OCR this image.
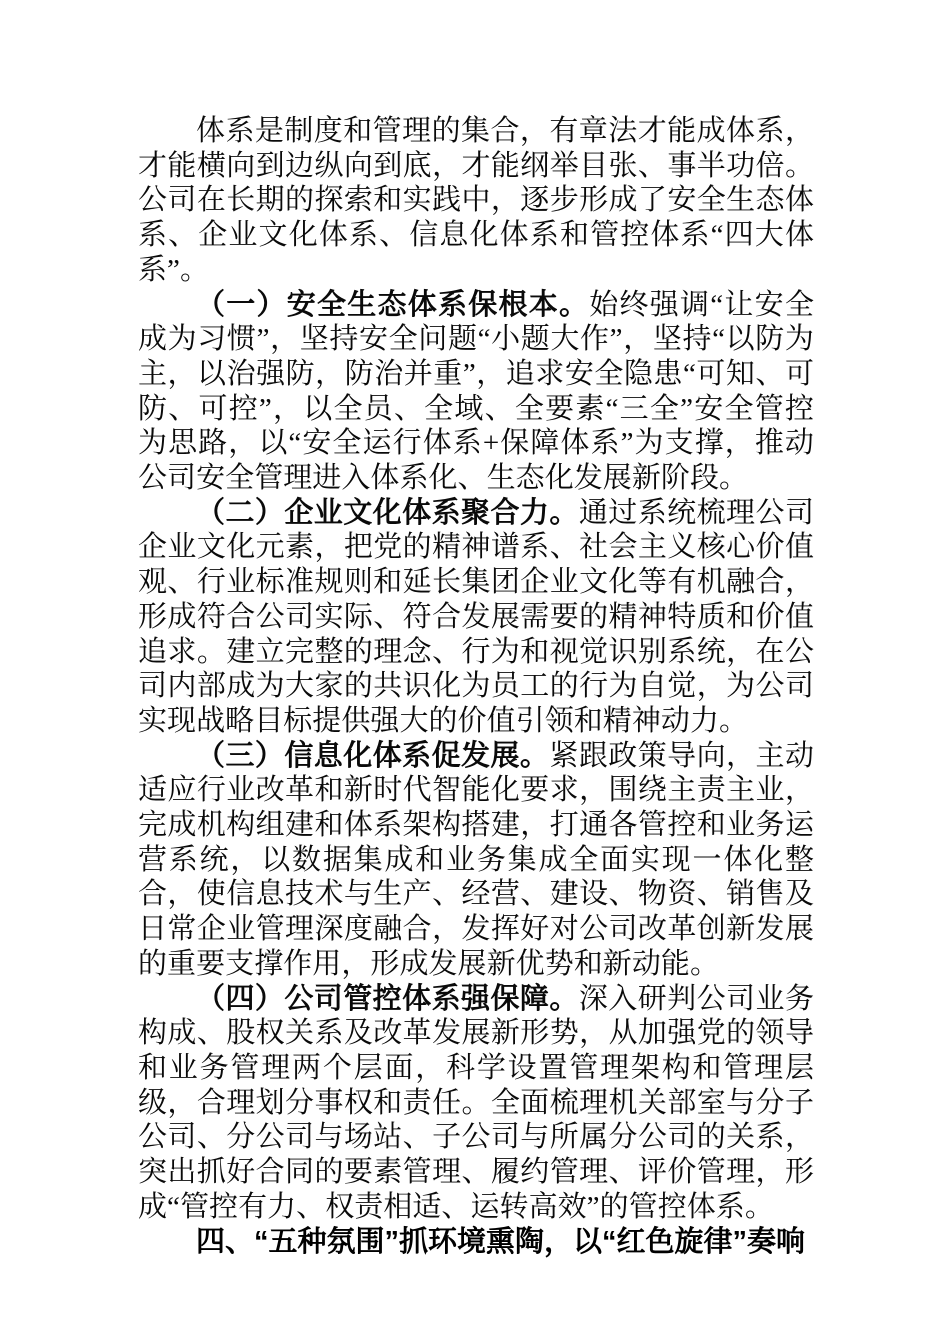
体系是制度和管理的集合，有章法才能成体系，才能横向到边纵向到底，才能纲举目张、事半功倍。公司在长期的探索和实践中，逐步形成了安全生态体系、企业文化体系、信息化体系和管控体系“四大体系”。

（一）安全生态体系保根本。始终强调“让安全成为习惯”，坚持安全问题“小题大作”，坚持“以防为主，以治强防，防治并重”，追求安全隐患“可知、可防、可控”，以全员、全域、全要素“三全”安全管控为思路，以“安全运行体系+保障体系”为支撑，推动公司安全管理进入体系化、生态化发展新阶段。

（二）企业文化体系聚合力。通过系统梳理公司企业文化元素，把党的精神谱系、社会主义核心价值观、行业标准规则和延长集团企业文化等有机融合，形成符合公司实际、符合发展需要的精神特质和价值追求。建立完整的理念、行为和视觉识别系统，在公司内部成为大家的共识化为员工的行为自觉，为公司实现战略目标提供强大的价值引领和精神动力。

（三）信息化体系促发展。紧跟政策导向，主动适应行业改革和新时代智能化要求，围绕主责主业，完成机构组建和体系架构搭建，打通各管控和业务运营系统，以数据集成和业务集成全面实现一体化整合，使信息技术与生产、经营、建设、物资、销售及日常企业管理深度融合，发挥好对公司改革创新发展的重要支撑作用，形成发展新优势和新动能。

（四）公司管控体系强保障。深入研判公司业务构成、股权关系及改革发展新形势，从加强党的领导和业务管理两个层面，科学设置管理架构和管理层级，合理划分事权和责任。全面梳理机关部室与分子公司、分公司与场站、子公司与所属分公司的关系，突出抓好合同的要素管理、履约管理、评价管理，形成“管控有力、权责相适、运转高效”的管控体系。

四、“五种氛围”抓环境熏陶，以“红色旋律”奏响
